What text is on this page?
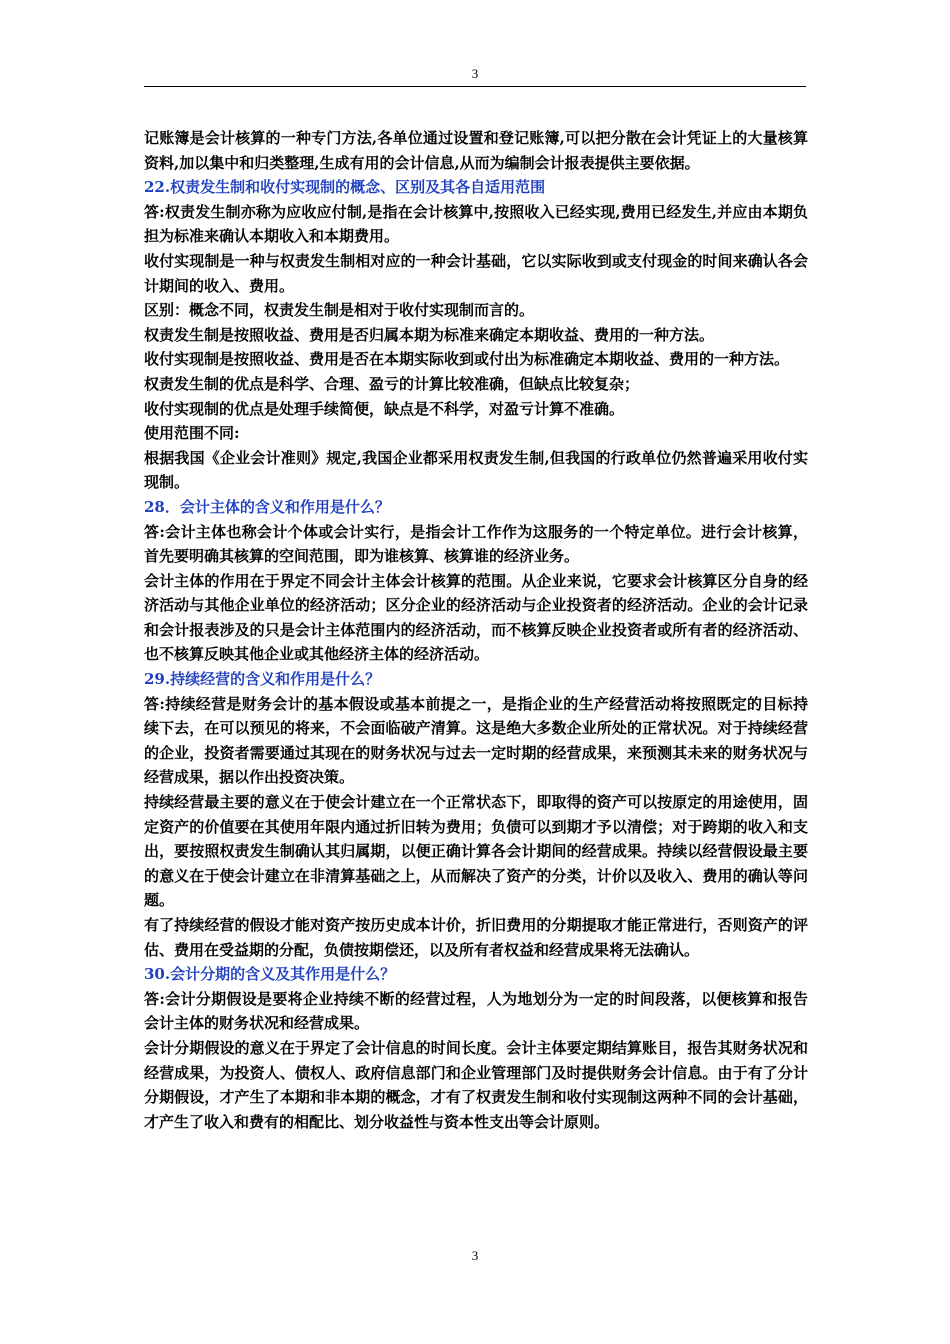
3

记账簿是会计核算的一种专门方法,各单位通过设置和登记账簿,可以把分散在会计凭证上的大量核算资料,加以集中和归类整理,生成有用的会计信息,从而为编制会计报表提供主要依据。

22.权责发生制和收付实现制的概念、区别及其各自适用范围

答:权责发生制亦称为应收应付制,是指在会计核算中,按照收入已经实现,费用已经发生,并应由本期负担为标准来确认本期收入和本期费用。

收付实现制是一种与权责发生制相对应的一种会计基础，它以实际收到或支付现金的时间来确认各会计期间的收入、费用。

区别：概念不同，权责发生制是相对于收付实现制而言的。

权责发生制是按照收益、费用是否归属本期为标准来确定本期收益、费用的一种方法。

收付实现制是按照收益、费用是否在本期实际收到或付出为标准确定本期收益、费用的一种方法。

权责发生制的优点是科学、合理、盈亏的计算比较准确，但缺点比较复杂；

收付实现制的优点是处理手续简便，缺点是不科学，对盈亏计算不准确。

使用范围不同:

根据我国《企业会计准则》规定,我国企业都采用权责发生制,但我国的行政单位仍然普遍采用收付实现制。

28．会计主体的含义和作用是什么？

答:会计主体也称会计个体或会计实行，是指会计工作作为这服务的一个特定单位。进行会计核算，首先要明确其核算的空间范围，即为谁核算、核算谁的经济业务。

会计主体的作用在于界定不同会计主体会计核算的范围。从企业来说，它要求会计核算区分自身的经济活动与其他企业单位的经济活动；区分企业的经济活动与企业投资者的经济活动。企业的会计记录和会计报表涉及的只是会计主体范围内的经济活动，而不核算反映企业投资者或所有者的经济活动、也不核算反映其他企业或其他经济主体的经济活动。

29.持续经营的含义和作用是什么？

答:持续经营是财务会计的基本假设或基本前提之一，是指企业的生产经营活动将按照既定的目标持续下去，在可以预见的将来，不会面临破产清算。这是绝大多数企业所处的正常状况。对于持续经营的企业，投资者需要通过其现在的财务状况与过去一定时期的经营成果，来预测其未来的财务状况与经营成果，据以作出投资决策。

持续经营最主要的意义在于使会计建立在一个正常状态下，即取得的资产可以按原定的用途使用，固定资产的价值要在其使用年限内通过折旧转为费用；负债可以到期才予以清偿；对于跨期的收入和支出，要按照权责发生制确认其归属期，以便正确计算各会计期间的经营成果。持续以经营假设最主要的意义在于使会计建立在非清算基础之上，从而解决了资产的分类，计价以及收入、费用的确认等问题。

有了持续经营的假设才能对资产按历史成本计价，折旧费用的分期提取才能正常进行，否则资产的评估、费用在受益期的分配，负债按期偿还，以及所有者权益和经营成果将无法确认。

30.会计分期的含义及其作用是什么？

答:会计分期假设是要将企业持续不断的经营过程，人为地划分为一定的时间段落，以便核算和报告会计主体的财务状况和经营成果。

会计分期假设的意义在于界定了会计信息的时间长度。会计主体要定期结算账目，报告其财务状况和经营成果，为投资人、债权人、政府信息部门和企业管理部门及时提供财务会计信息。由于有了分计分期假设，才产生了本期和非本期的概念，才有了权责发生制和收付实现制这两种不同的会计基础，才产生了收入和费有的相配比、划分收益性与资本性支出等会计原则。

3
